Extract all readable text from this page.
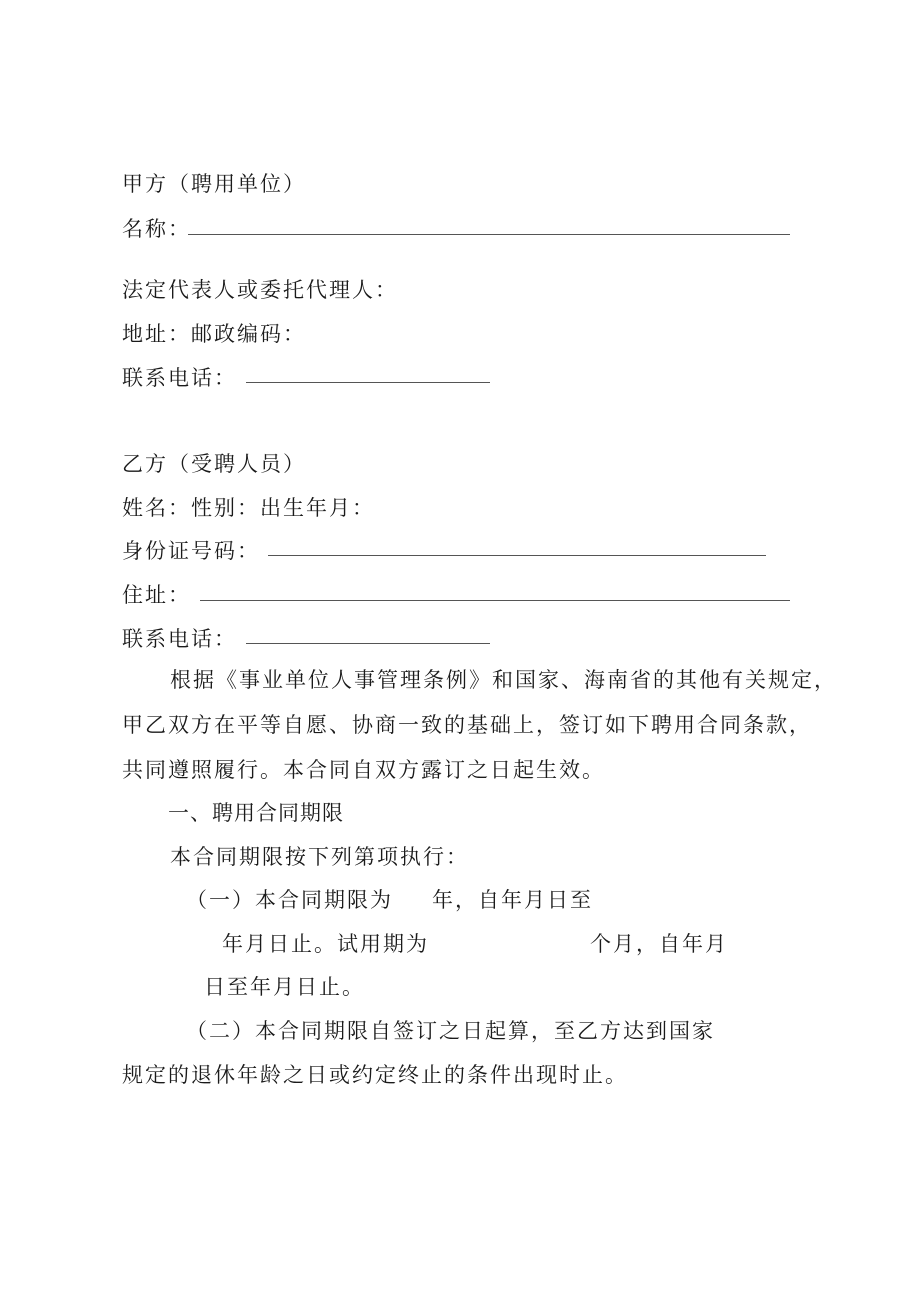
甲方（聘用单位）
名称：
法定代表人或委托代理人：
地址：邮政编码：
联系电话：
乙方（受聘人员）
姓名：性别：出生年月：
身份证号码：
住址：
联系电话：
根据《事业单位人事管理条例》和国家、海南省的其他有关规定，
甲乙双方在平等自愿、协商一致的基础上，签订如下聘用合同条款，
共同遵照履行。本合同自双方露订之日起生效。
一、聘用合同期限
本合同期限按下列第项执行：
（一）本合同期限为 年，自年月日至
年月日止。试用期为	个月，自年月
日至年月日止。
（二）本合同期限自签订之日起算，至乙方达到国家
规定的退休年龄之日或约定终止的条件出现时止。
